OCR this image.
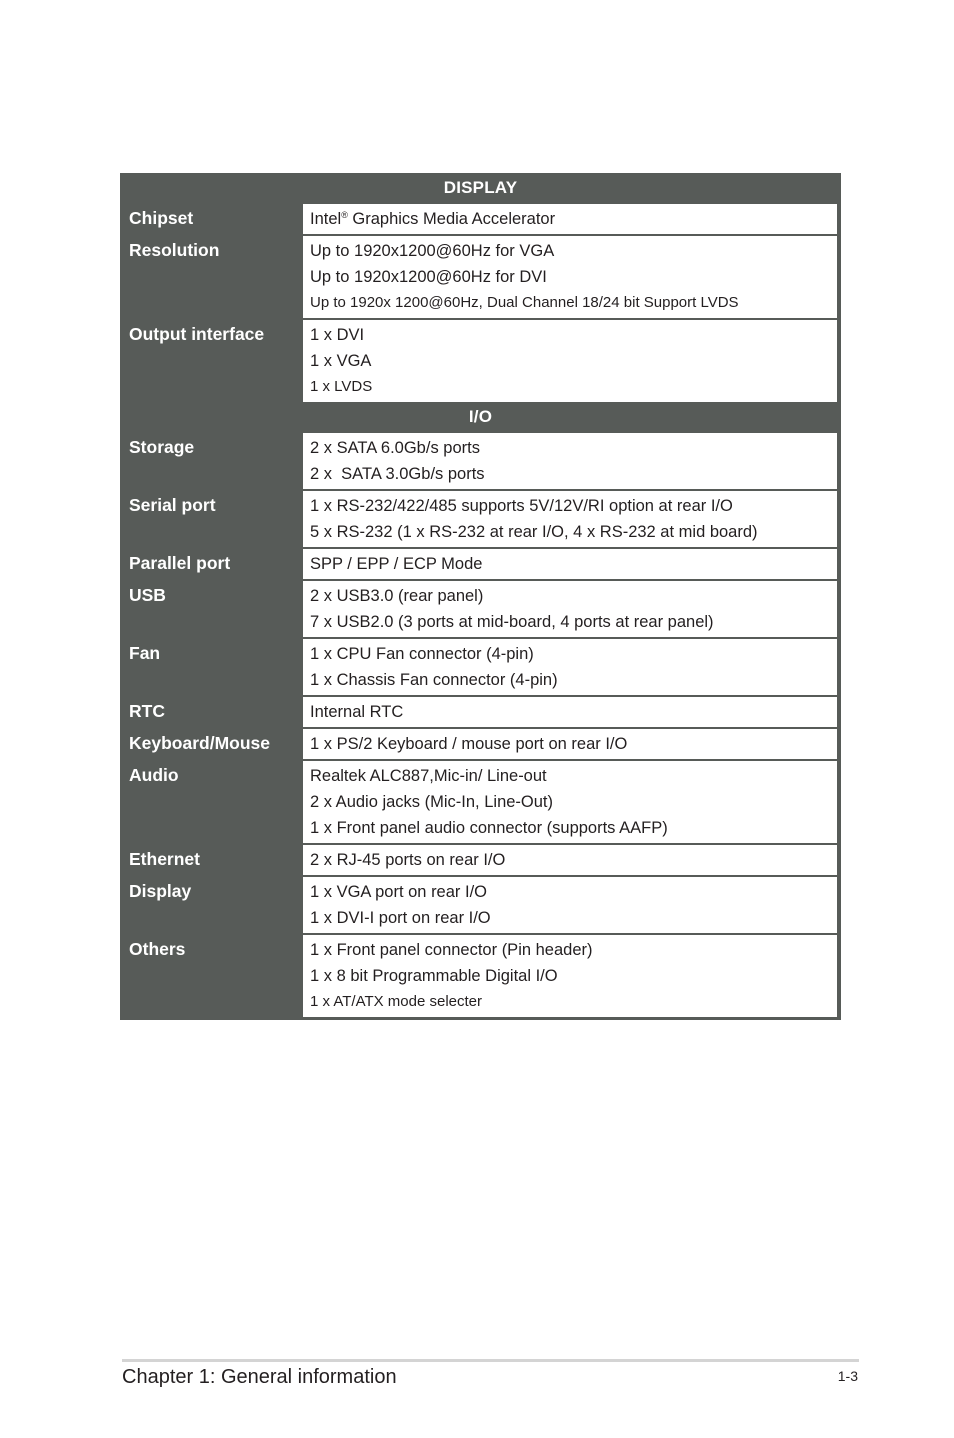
DISPLAY
Chipset	Intel® Graphics Media Accelerator
Resolution	Up to 1920x1200@60Hz for VGA
Up to 1920x1200@60Hz for DVI
Up to 1920x 1200@60Hz, Dual Channel 18/24 bit Support LVDS
Output interface	1 x DVI
1 x VGA
1 x LVDS
I/O
Storage	2 x SATA 6.0Gb/s ports
2 x  SATA 3.0Gb/s ports
Serial port	1 x RS-232/422/485 supports 5V/12V/RI option at rear I/O
5 x RS-232 (1 x RS-232 at rear I/O, 4 x RS-232 at mid board)
Parallel port	SPP / EPP / ECP Mode
USB	2 x USB3.0 (rear panel)
7 x USB2.0 (3 ports at mid-board, 4 ports at rear panel)
Fan	1 x CPU Fan connector (4-pin)
1 x Chassis Fan connector (4-pin)
RTC	Internal RTC
Keyboard/Mouse	1 x PS/2 Keyboard / mouse port on rear I/O
Audio	Realtek ALC887,Mic-in/ Line-out
2 x Audio jacks (Mic-In, Line-Out)
1 x Front panel audio connector (supports AAFP)
Ethernet	2 x RJ-45 ports on rear I/O
Display	1 x VGA port on rear I/O
1 x DVI-I port on rear I/O
Others	1 x Front panel connector (Pin header)
1 x 8 bit Programmable Digital I/O
1 x AT/ATX mode selecter
Chapter 1: General information	1-3
